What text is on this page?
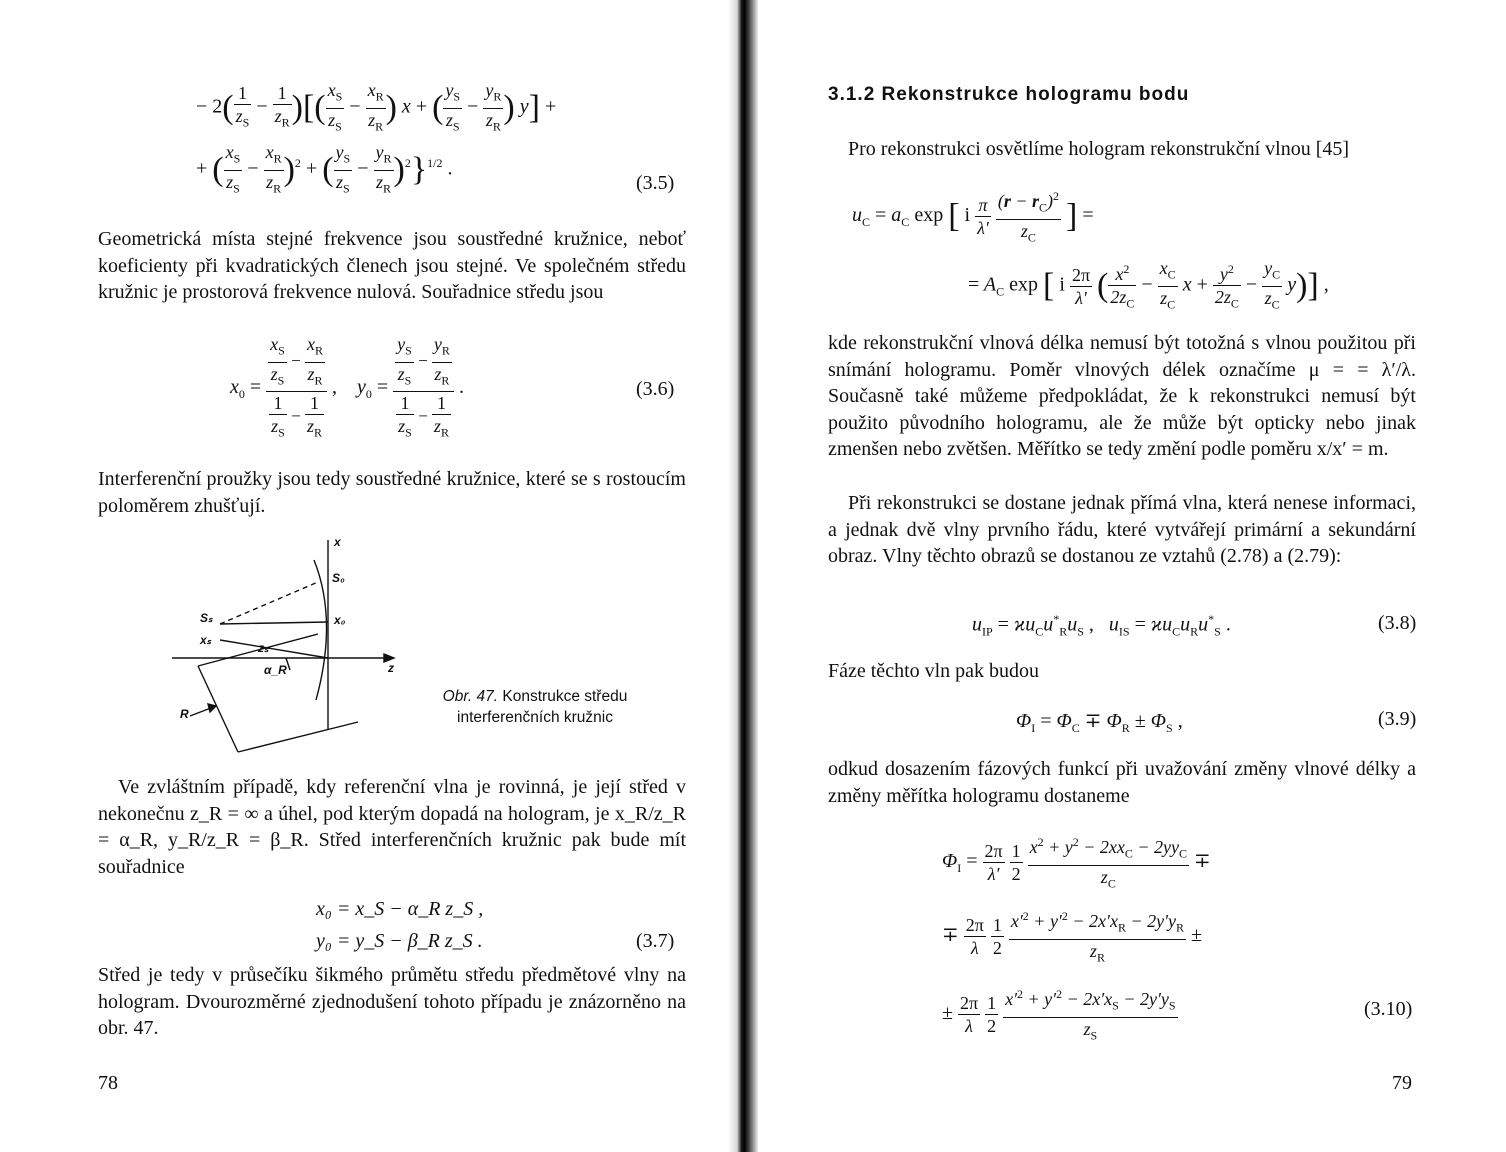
− $2( \frac{1}{z_S} - \frac{1}{z_R}$ )[( $\frac{x_S}{z_S} - \frac{x_R}{z_R}$ ) x + ( $\frac{y_S}{z_S} - \frac{y_R}{z_R}$ ) y] +
+ ( $\frac{x_S}{z_S} - \frac{x_R}{z_R} )^2$ + ( $\frac{y_S}{z_S} - \frac{y_R}{z_R} )^2\}^{1/2}$ .
(3.5)
Geometrická místa stejné frekvence jsou soustředné kružnice, neboť koeficienty při kvadratických členech jsou stejné. Ve společném středu kružnic je prostorová frekvence nulová. Souřadnice středu jsou
$x_0 = \frac{\frac{x_S}{z_S} - \frac{x_R}{z_R}}{\frac{1}{z_S} - \frac{1}{z_R}}$ ,    $y_0 = \frac{\frac{y_S}{z_S} - \frac{y_R}{z_R}}{\frac{1}{z_S} - \frac{1}{z_R}}$ .	(3.6)
Interferenční proužky jsou tedy soustředné kružnice, které se s rostoucím poloměrem zhušťují.
x
S₀
Sₛ	x₀
xₛ
zₛ
α_R	z
R
Obr. 47. Konstrukce středu interferenčních kružnic
Ve zvláštním případě, kdy referenční vlna je rovinná, je její střed v nekonečnu z_R = ∞ a úhel, pod kterým dopadá na hologram, je x_R/z_R = α_R, y_R/z_R = β_R. Střed interferenčních kružnic pak bude mít souřadnice
x₀ = x_S − α_R z_S ,
y₀ = y_S − β_R z_S .	(3.7)
Střed je tedy v průsečíku šikmého průmětu středu předmětové vlny na hologram. Dvourozměrné zjednodušení tohoto případu je znázorněno na obr. 47.
78
3.1.2 Rekonstrukce hologramu bodu
Pro rekonstrukci osvětlíme hologram rekonstrukční vlnou [45]
$u_C = a_C$ exp [ i $\frac{\pi}{\lambda'}$
$\frac{(r - r_C)^2}{z_C}$ ] =
= $A_C$ exp [ i $\frac{2\pi}{\lambda'}$ ( $\frac{x^2}{2z_C} - \frac{x_C}{z_C}$ $x + \frac{y^2}{2z_C} - \frac{y_C}{z_C} y$)] ,
kde rekonstrukční vlnová délka nemusí být totožná s vlnou použitou při snímání hologramu. Poměr vlnových délek označíme μ = = λ′/λ. Současně také můžeme předpokládat, že k rekonstrukci nemusí být použito původního hologramu, ale že může být opticky nebo jinak zmenšen nebo zvětšen. Měřítko se tedy změní podle poměru x/x′ = m.
Při rekonstrukci se dostane jednak přímá vlna, která nenese informaci, a jednak dvě vlny prvního řádu, které vytvářejí primární a sekundární obraz. Vlny těchto obrazů se dostanou ze vztahů (2.78) a (2.79):
$u_{IP} = ϰu_Cu^*_Ru_S$ ,   $u_{IS} = ϰu_Cu_Ru^*_S$ .	(3.8)
Fáze těchto vln pak budou
$\Phi_I = \Phi_C \mp \Phi_R \pm \Phi_S$ ,	(3.9)
odkud dosazením fázových funkcí při uvažování změny vlnové délky a změny měřítka hologramu dostaneme
$\Phi_I = \frac{2\pi}{\lambda'}$
$\frac{1}{2}$
$\frac{x^2 + y^2 - 2xx_C - 2yy_C}{z_C}$ ∓
∓ $\frac{2\pi}{\lambda}$
$\frac{1}{2}$
$\frac{x'^2 + y'^2 - 2x'x_R - 2y'y_R}{z_R}$ ±
± $\frac{2\pi}{\lambda}$
$\frac{1}{2}$
$\frac{x'^2 + y'^2 - 2x'x_S - 2y'y_S}{z_S}$	(3.10)
79
